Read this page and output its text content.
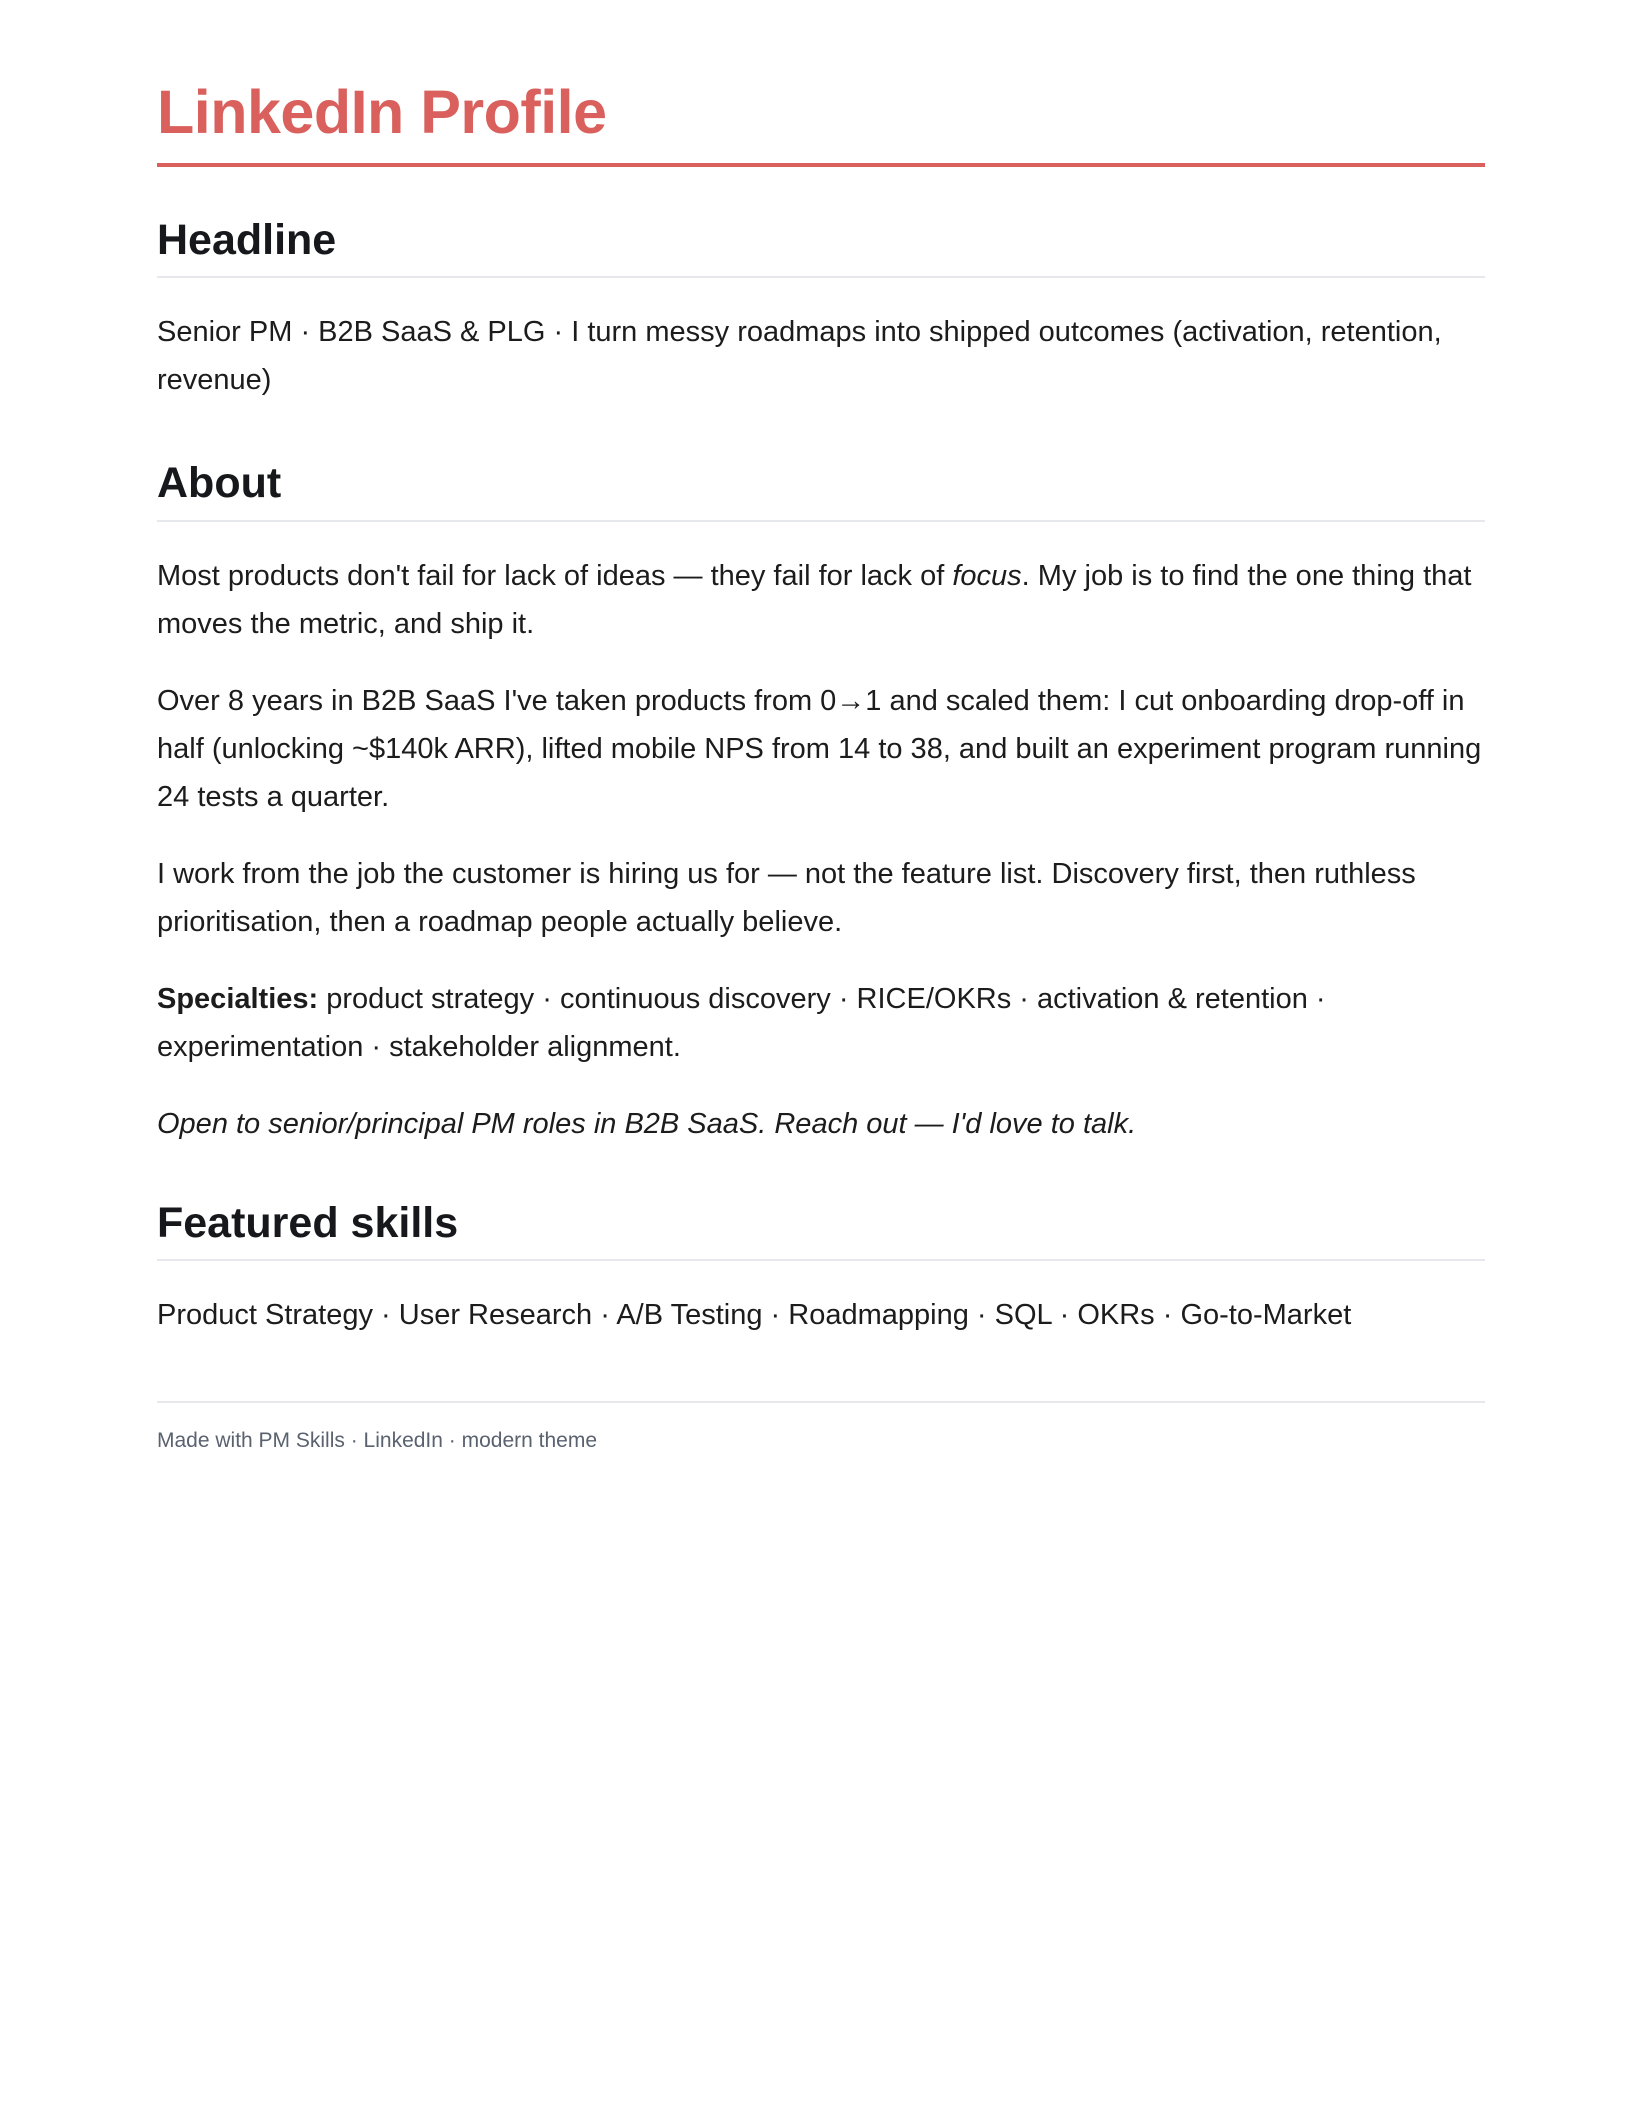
LinkedIn Profile
Headline

Senior PM · B2B SaaS & PLG · I turn messy roadmaps into shipped outcomes (activation, retention, revenue)

About

Most products don't fail for lack of ideas — they fail for lack of focus. My job is to find the one thing that moves the metric, and ship it.

Over 8 years in B2B SaaS I've taken products from 0→1 and scaled them: I cut onboarding drop-off in half (unlocking ~$140k ARR), lifted mobile NPS from 14 to 38, and built an experiment program running 24 tests a quarter.

I work from the job the customer is hiring us for — not the feature list. Discovery first, then ruthless prioritisation, then a roadmap people actually believe.

Specialties: product strategy · continuous discovery · RICE/OKRs · activation & retention · experimentation · stakeholder alignment.

Open to senior/principal PM roles in B2B SaaS. Reach out — I'd love to talk.

Featured skills

Product Strategy · User Research · A/B Testing · Roadmapping · SQL · OKRs · Go-to-Market

Made with PM Skills · LinkedIn · modern theme
